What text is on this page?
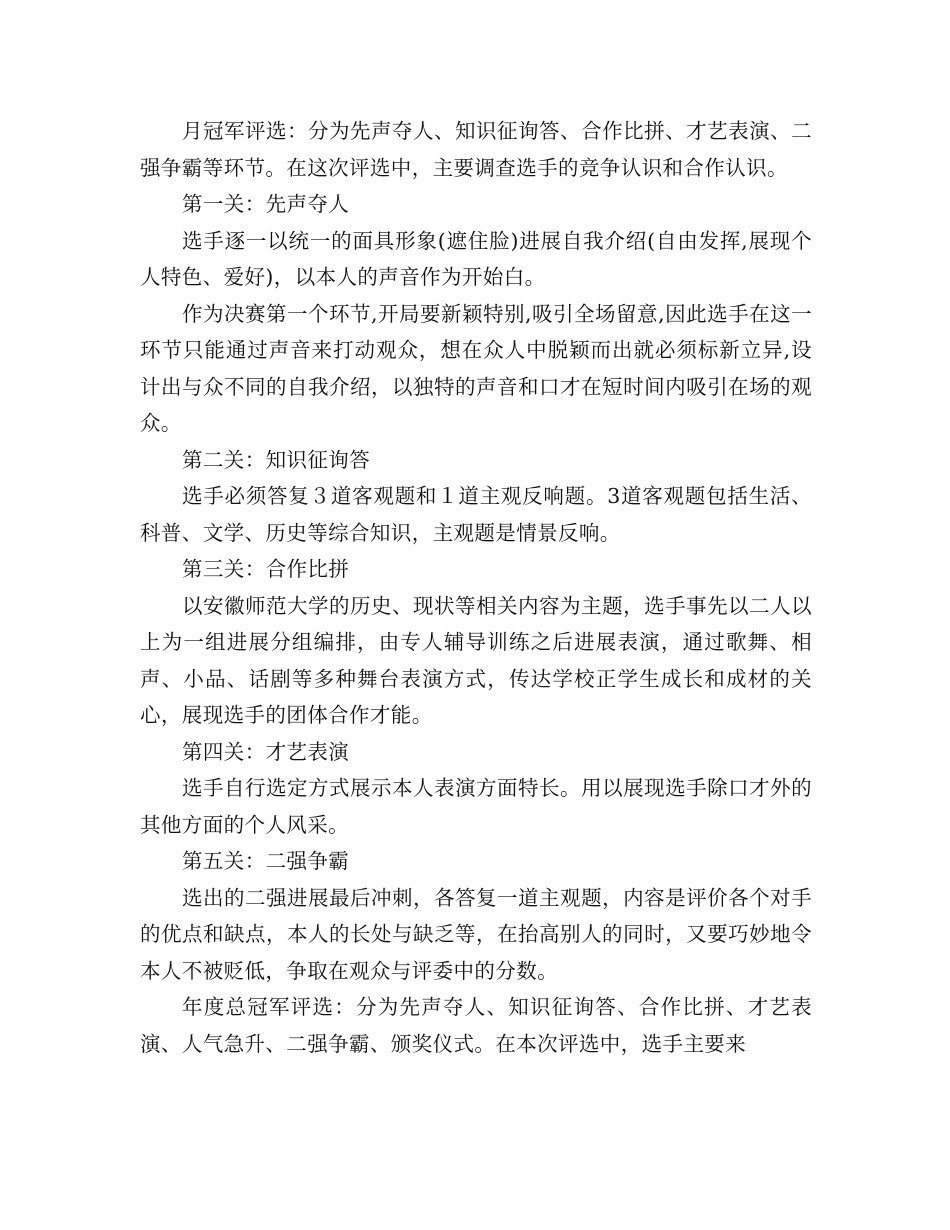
月冠军评选：分为先声夺人、知识征询答、合作比拼、才艺表演、二强争霸等环节。在这次评选中，主要调查选手的竞争认识和合作认识。

第一关：先声夺人

选手逐一以统一的面具形象(遮住脸)进展自我介绍(自由发挥,展现个人特色、爱好)，以本人的声音作为开始白。

作为决赛第一个环节,开局要新颖特别,吸引全场留意,因此选手在这一环节只能通过声音来打动观众，想在众人中脱颖而出就必须标新立异,设计出与众不同的自我介绍，以独特的声音和口才在短时间内吸引在场的观众。

第二关：知识征询答

选手必须答复３道客观题和１道主观反响题。3道客观题包括生活、科普、文学、历史等综合知识，主观题是情景反响。

第三关：合作比拼

以安徽师范大学的历史、现状等相关内容为主题，选手事先以二人以上为一组进展分组编排，由专人辅导训练之后进展表演，通过歌舞、相声、小品、话剧等多种舞台表演方式，传达学校正学生成长和成材的关心，展现选手的团体合作才能。

第四关：才艺表演

选手自行选定方式展示本人表演方面特长。用以展现选手除口才外的其他方面的个人风采。

第五关：二强争霸

选出的二强进展最后冲刺，各答复一道主观题，内容是评价各个对手的优点和缺点，本人的长处与缺乏等，在抬高别人的同时，又要巧妙地令本人不被贬低，争取在观众与评委中的分数。

年度总冠军评选：分为先声夺人、知识征询答、合作比拼、才艺表演、人气急升、二强争霸、颁奖仪式。在本次评选中，选手主要来
